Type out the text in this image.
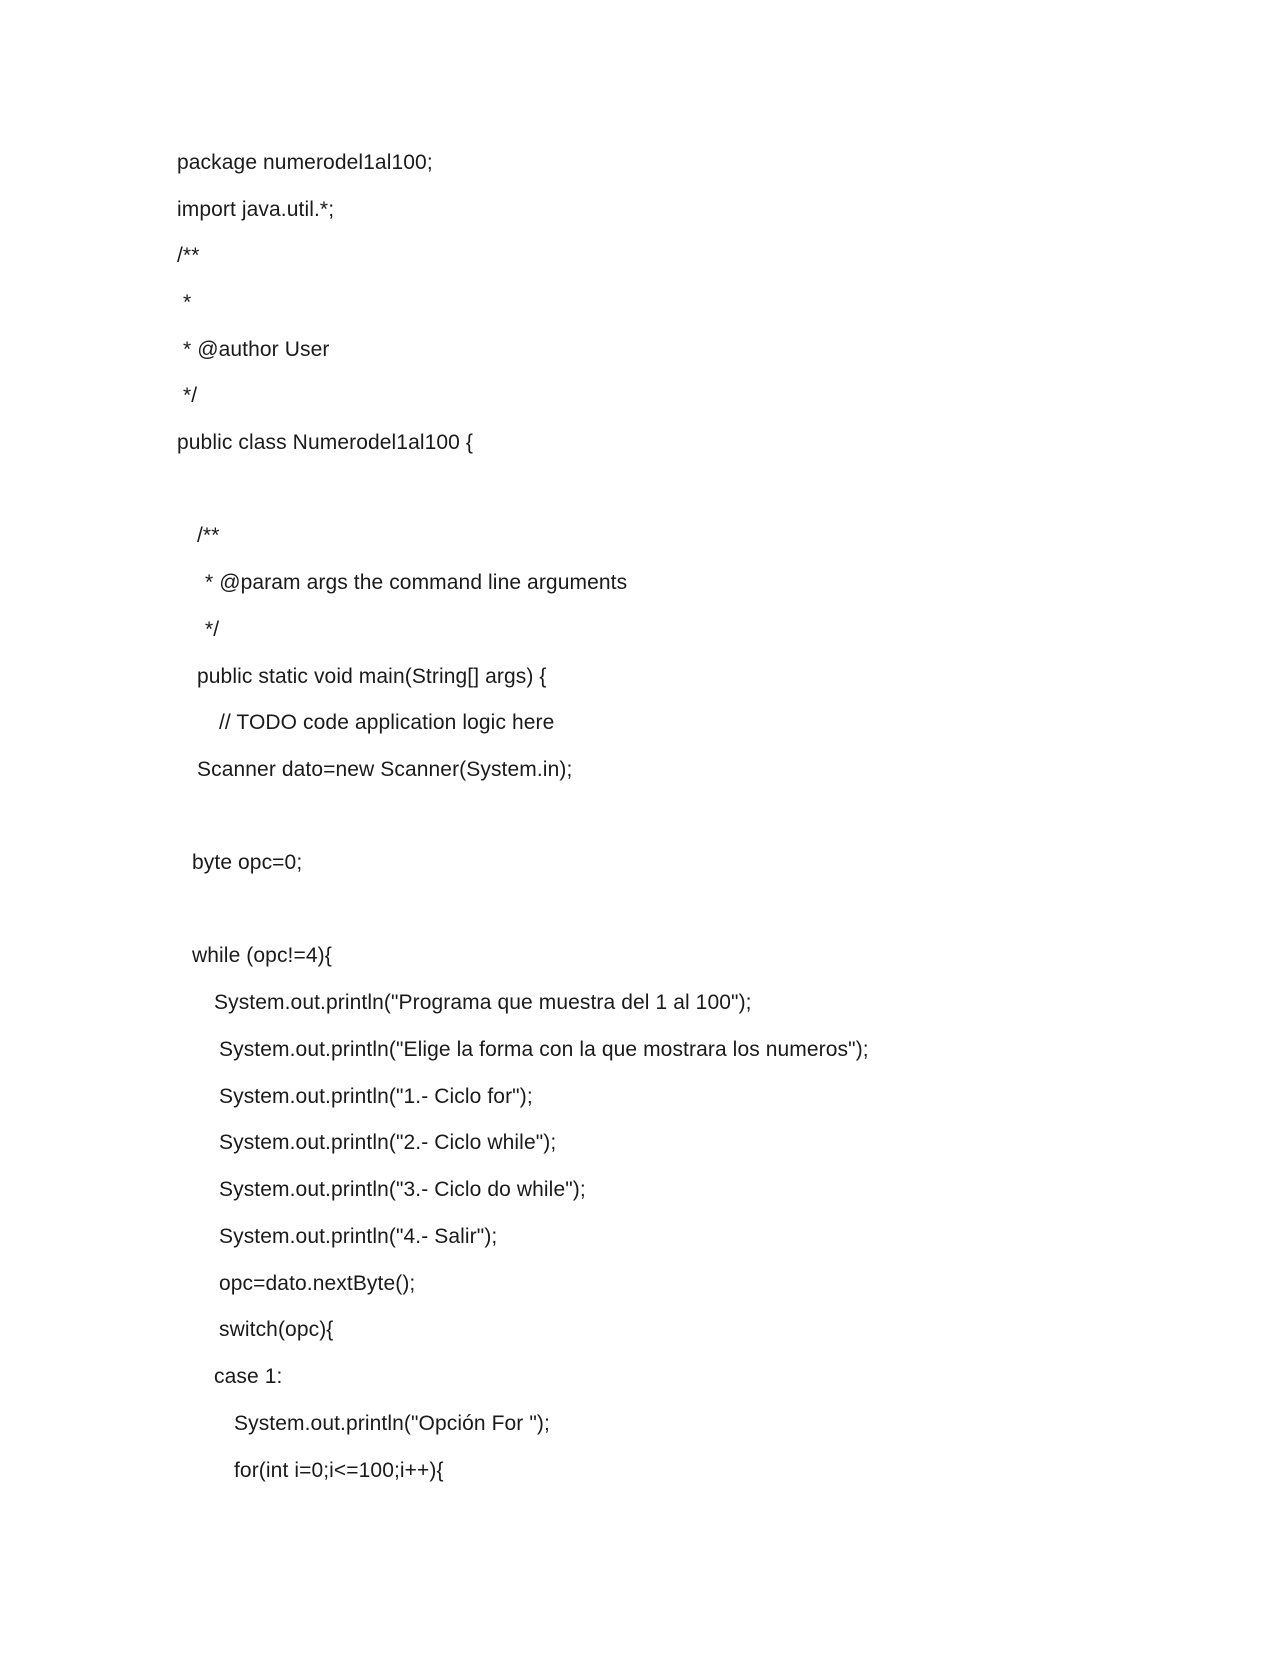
package numerodel1al100;

import java.util.*;

/**

*

* @author User

*/

public class Numerodel1al100 {

/**

* @param args the command line arguments

*/

public static void main(String[] args) {

// TODO code application logic here

Scanner dato=new Scanner(System.in);

byte opc=0;

while (opc!=4){

System.out.println("Programa que muestra del 1 al 100");

System.out.println("Elige la forma con la que mostrara los numeros");

System.out.println("1.- Ciclo for");

System.out.println("2.- Ciclo while");

System.out.println("3.- Ciclo do while");

System.out.println("4.- Salir");

opc=dato.nextByte();

switch(opc){

case 1:

System.out.println("Opción For ");

for(int i=0;i<=100;i++){
